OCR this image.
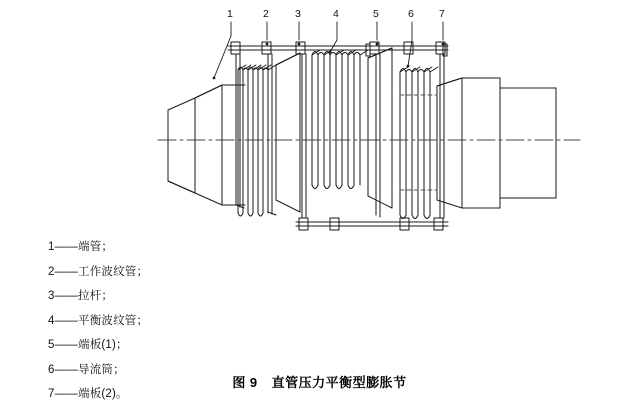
1	2 3	4	5	6 7
1——端管；
2——工作波纹管；
3——拉杆；
4——平衡波纹管；
5——端板(1)；
6——导流筒；
7——端板(2)。
图 9 直管压力平衡型膨胀节
